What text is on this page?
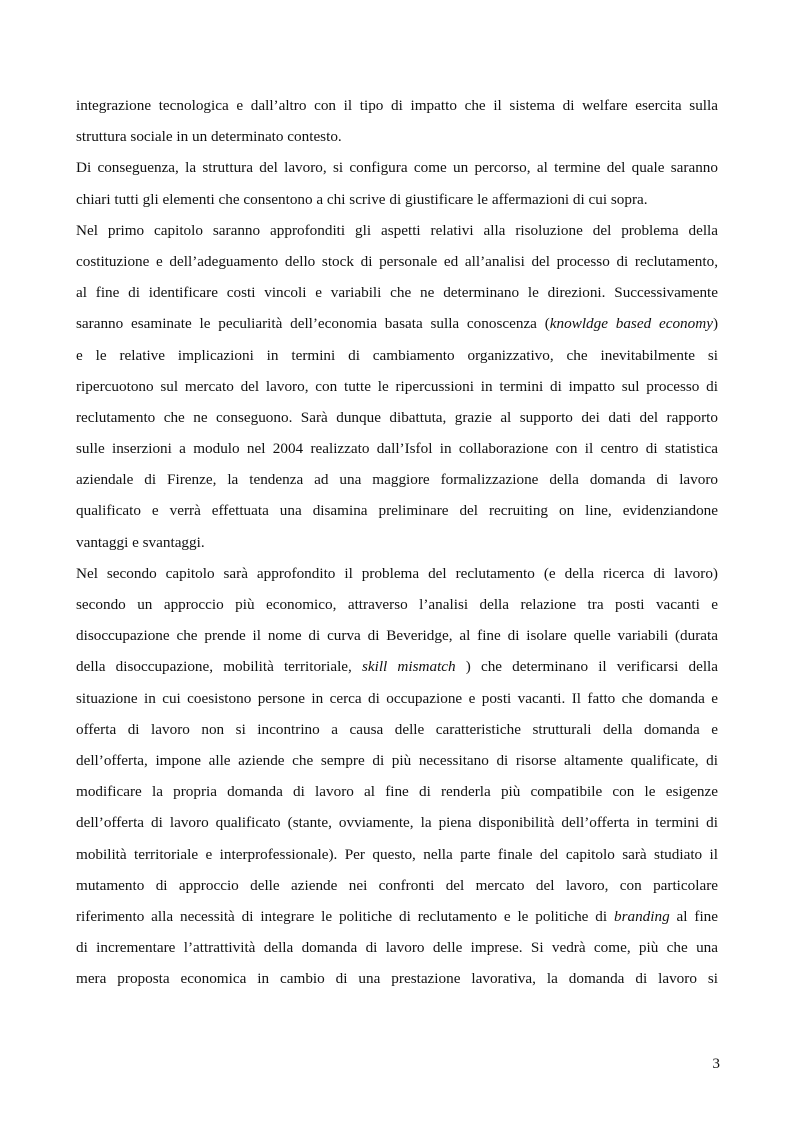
integrazione tecnologica e dall’altro con il tipo di impatto che il sistema di welfare esercita sulla
struttura sociale in un determinato contesto.
Di conseguenza, la struttura del lavoro, si configura come un percorso, al termine del quale saranno
chiari tutti gli elementi che consentono a chi scrive di giustificare le affermazioni di cui sopra.
Nel primo capitolo saranno approfonditi gli aspetti relativi alla risoluzione del problema della
costituzione e dell’adeguamento dello stock di personale ed all’analisi del processo di reclutamento,
al fine di identificare costi vincoli e variabili che ne determinano le direzioni. Successivamente
saranno esaminate le peculiarità dell’economia basata sulla conoscenza (knowldge based economy)
e le relative implicazioni in termini di cambiamento organizzativo, che inevitabilmente si
ripercuotono sul mercato del lavoro, con tutte le ripercussioni in termini di impatto sul processo di
reclutamento che ne conseguono. Sarà dunque dibattuta, grazie al supporto dei dati del rapporto
sulle inserzioni a modulo nel 2004 realizzato dall’Isfol in collaborazione con il centro di statistica
aziendale di Firenze, la tendenza ad una maggiore formalizzazione della domanda di lavoro
qualificato e verrà effettuata una disamina preliminare del recruiting on line, evidenziandone
vantaggi e svantaggi.
Nel secondo capitolo sarà approfondito il problema del reclutamento (e della ricerca di lavoro)
secondo un approccio più economico, attraverso l’analisi della relazione tra posti vacanti e
disoccupazione che prende il nome di curva di Beveridge, al fine di isolare quelle variabili (durata
della disoccupazione, mobilità territoriale, skill mismatch ) che determinano il verificarsi della
situazione in cui coesistono persone in cerca di occupazione e posti vacanti. Il fatto che domanda e
offerta di lavoro non si incontrino a causa delle caratteristiche strutturali della domanda e
dell’offerta, impone alle aziende che sempre di più necessitano di risorse altamente qualificate, di
modificare la propria domanda di lavoro al fine di renderla più compatibile con le esigenze
dell’offerta di lavoro qualificato (stante, ovviamente, la piena disponibilità dell’offerta in termini di
mobilità territoriale e interprofessionale). Per questo, nella parte finale del capitolo sarà studiato il
mutamento di approccio delle aziende nei confronti del mercato del lavoro, con particolare
riferimento alla necessità di integrare le politiche di reclutamento e le politiche di branding al fine
di incrementare l’attrattività della domanda di lavoro delle imprese. Si vedrà come, più che una
mera proposta economica in cambio di una prestazione lavorativa, la domanda di lavoro si
3
